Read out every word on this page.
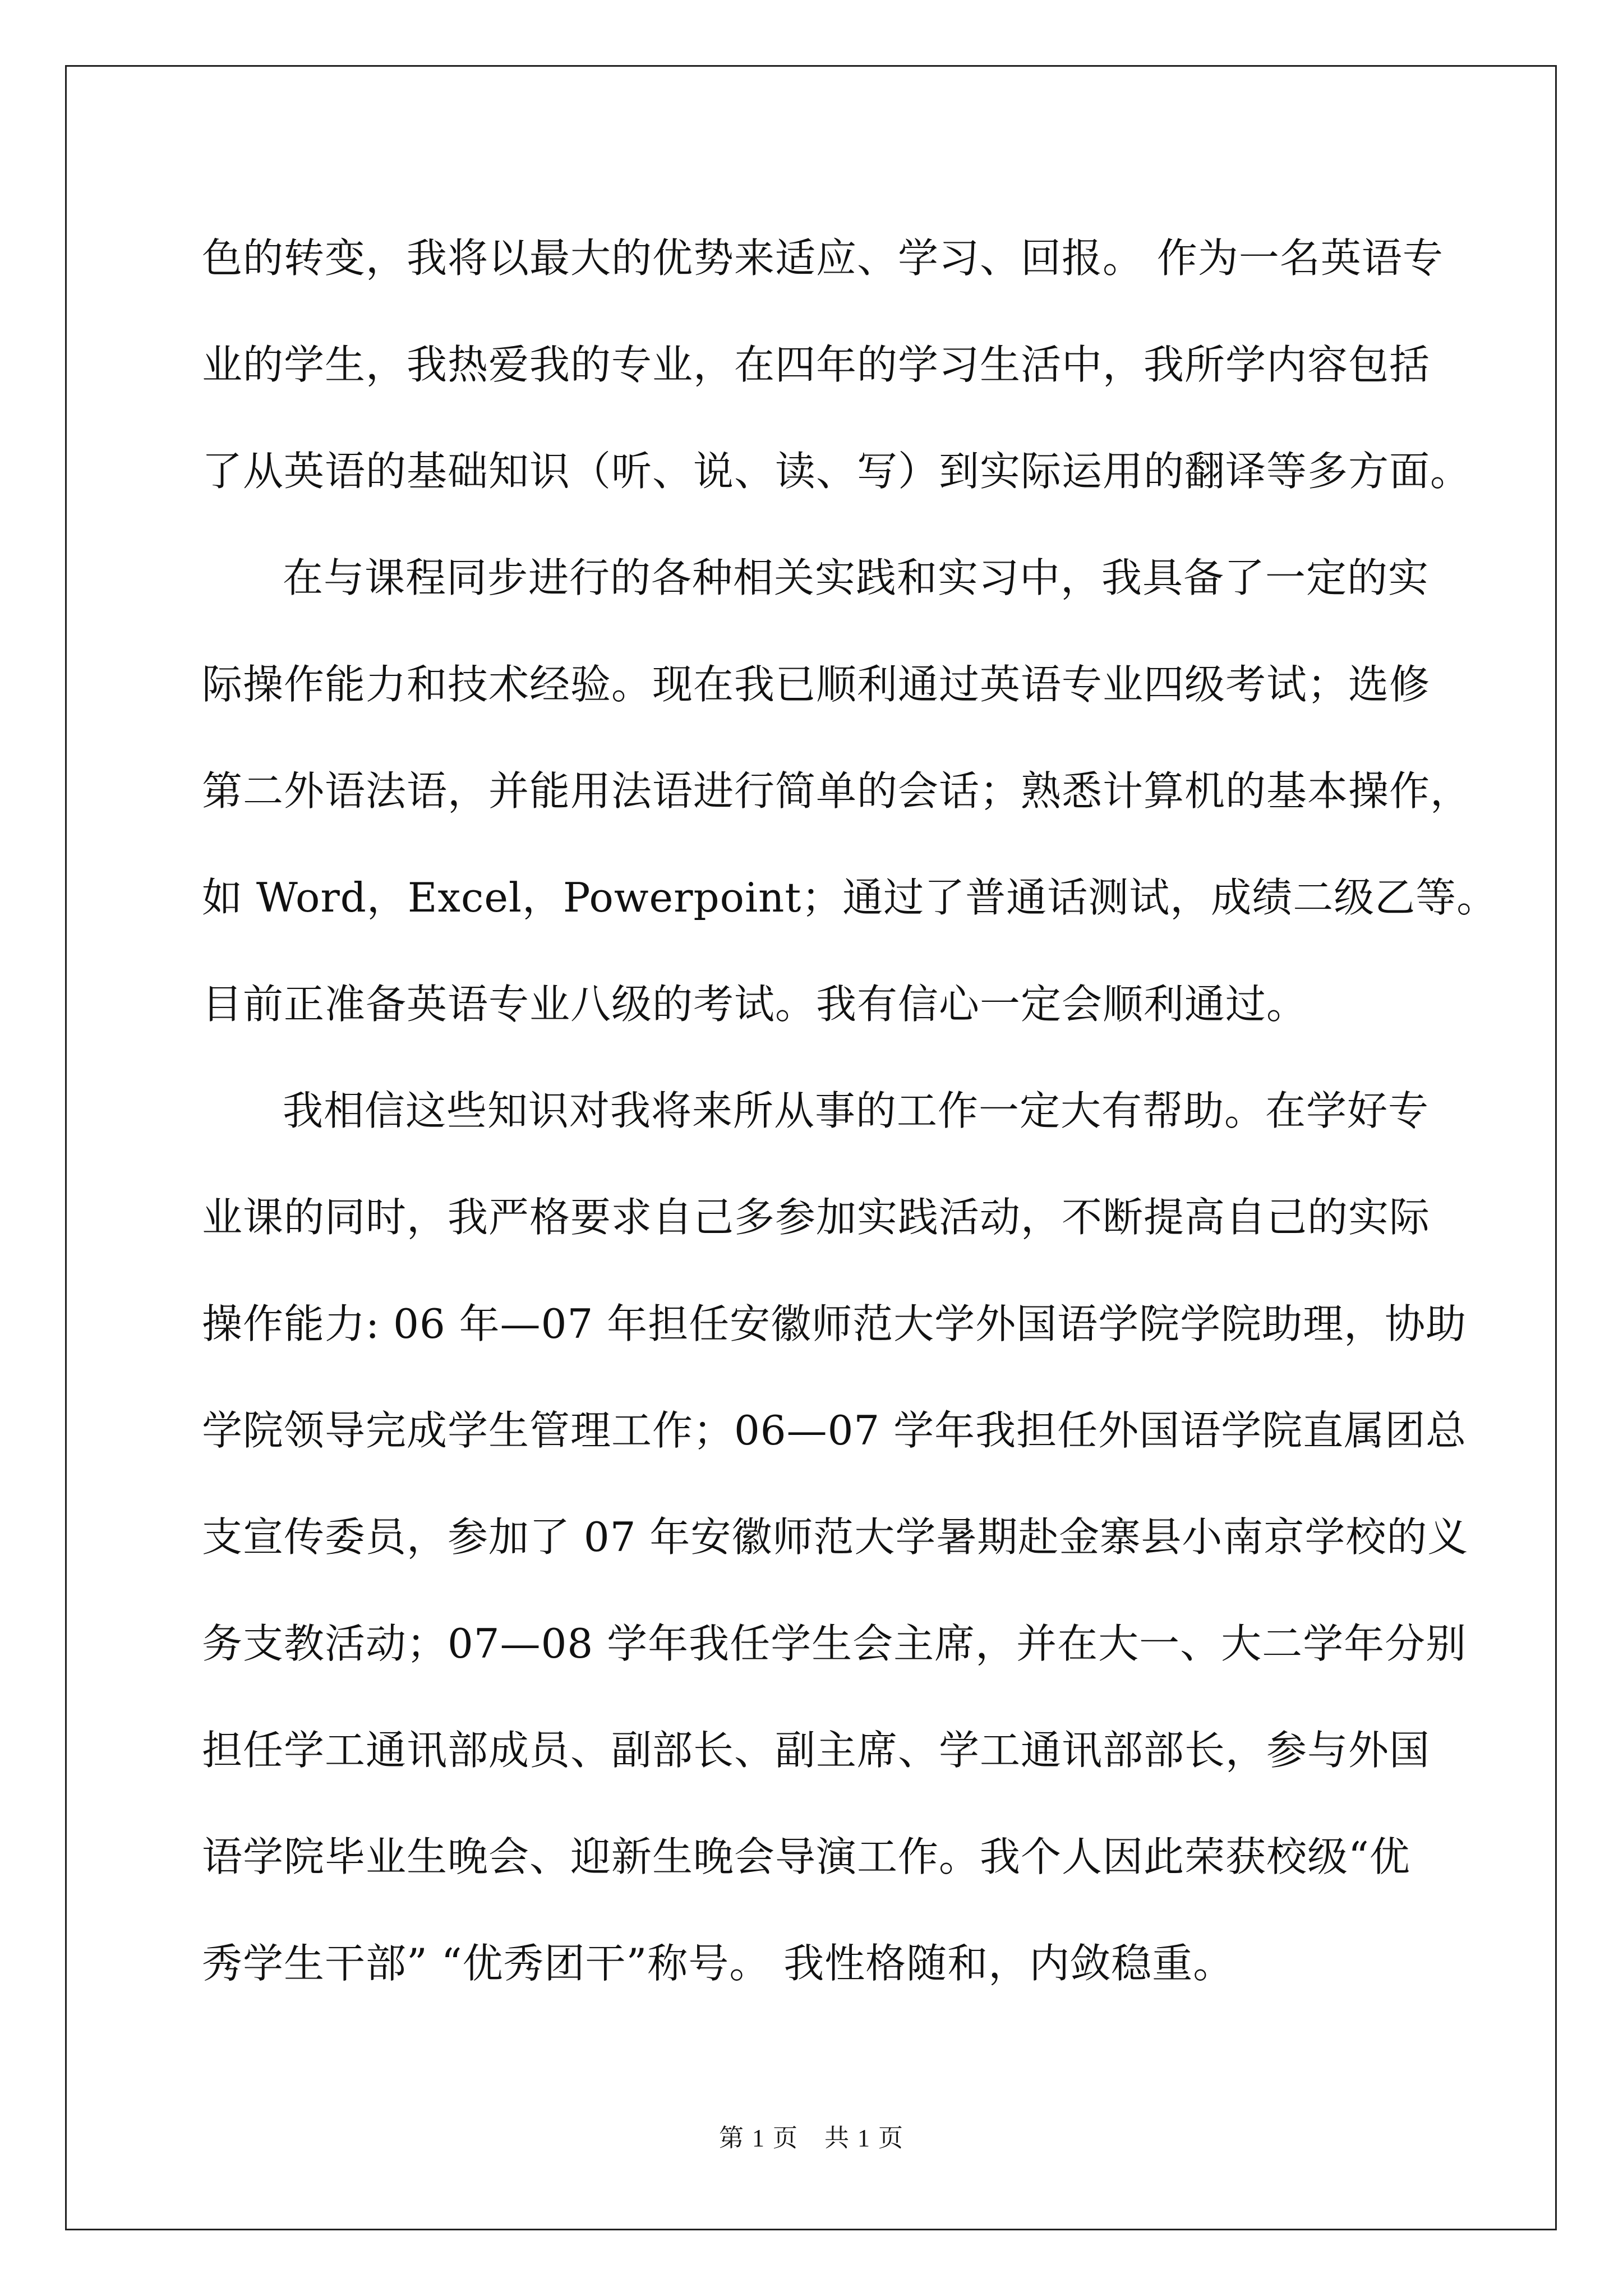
色的转变，我将以最大的优势来适应、学习、回报。 作为一名英语专
业的学生，我热爱我的专业，在四年的学习生活中，我所学内容包括
了从英语的基础知识（听、说、读、写）到实际运用的翻译等多方面。
在与课程同步进行的各种相关实践和实习中，我具备了一定的实
际操作能力和技术经验。现在我已顺利通过英语专业四级考试；选修
第二外语法语，并能用法语进行简单的会话；熟悉计算机的基本操作，
如 Word，Excel，Powerpoint；通过了普通话测试，成绩二级乙等。
目前正准备英语专业八级的考试。我有信心一定会顺利通过。
我相信这些知识对我将来所从事的工作一定大有帮助。在学好专
业课的同时，我严格要求自己多参加实践活动，不断提高自己的实际
操作能力: 06 年—07 年担任安徽师范大学外国语学院学院助理，协助
学院领导完成学生管理工作；06—07 学年我担任外国语学院直属团总
支宣传委员，参加了 07 年安徽师范大学暑期赴金寨县小南京学校的义
务支教活动；07—08 学年我任学生会主席，并在大一、大二学年分别
担任学工通讯部成员、副部长、副主席、学工通讯部部长，参与外国
语学院毕业生晚会、迎新生晚会导演工作。我个人因此荣获校级“优
秀学生干部” “优秀团干”称号。 我性格随和，内敛稳重。
第 1 页　共 1 页
